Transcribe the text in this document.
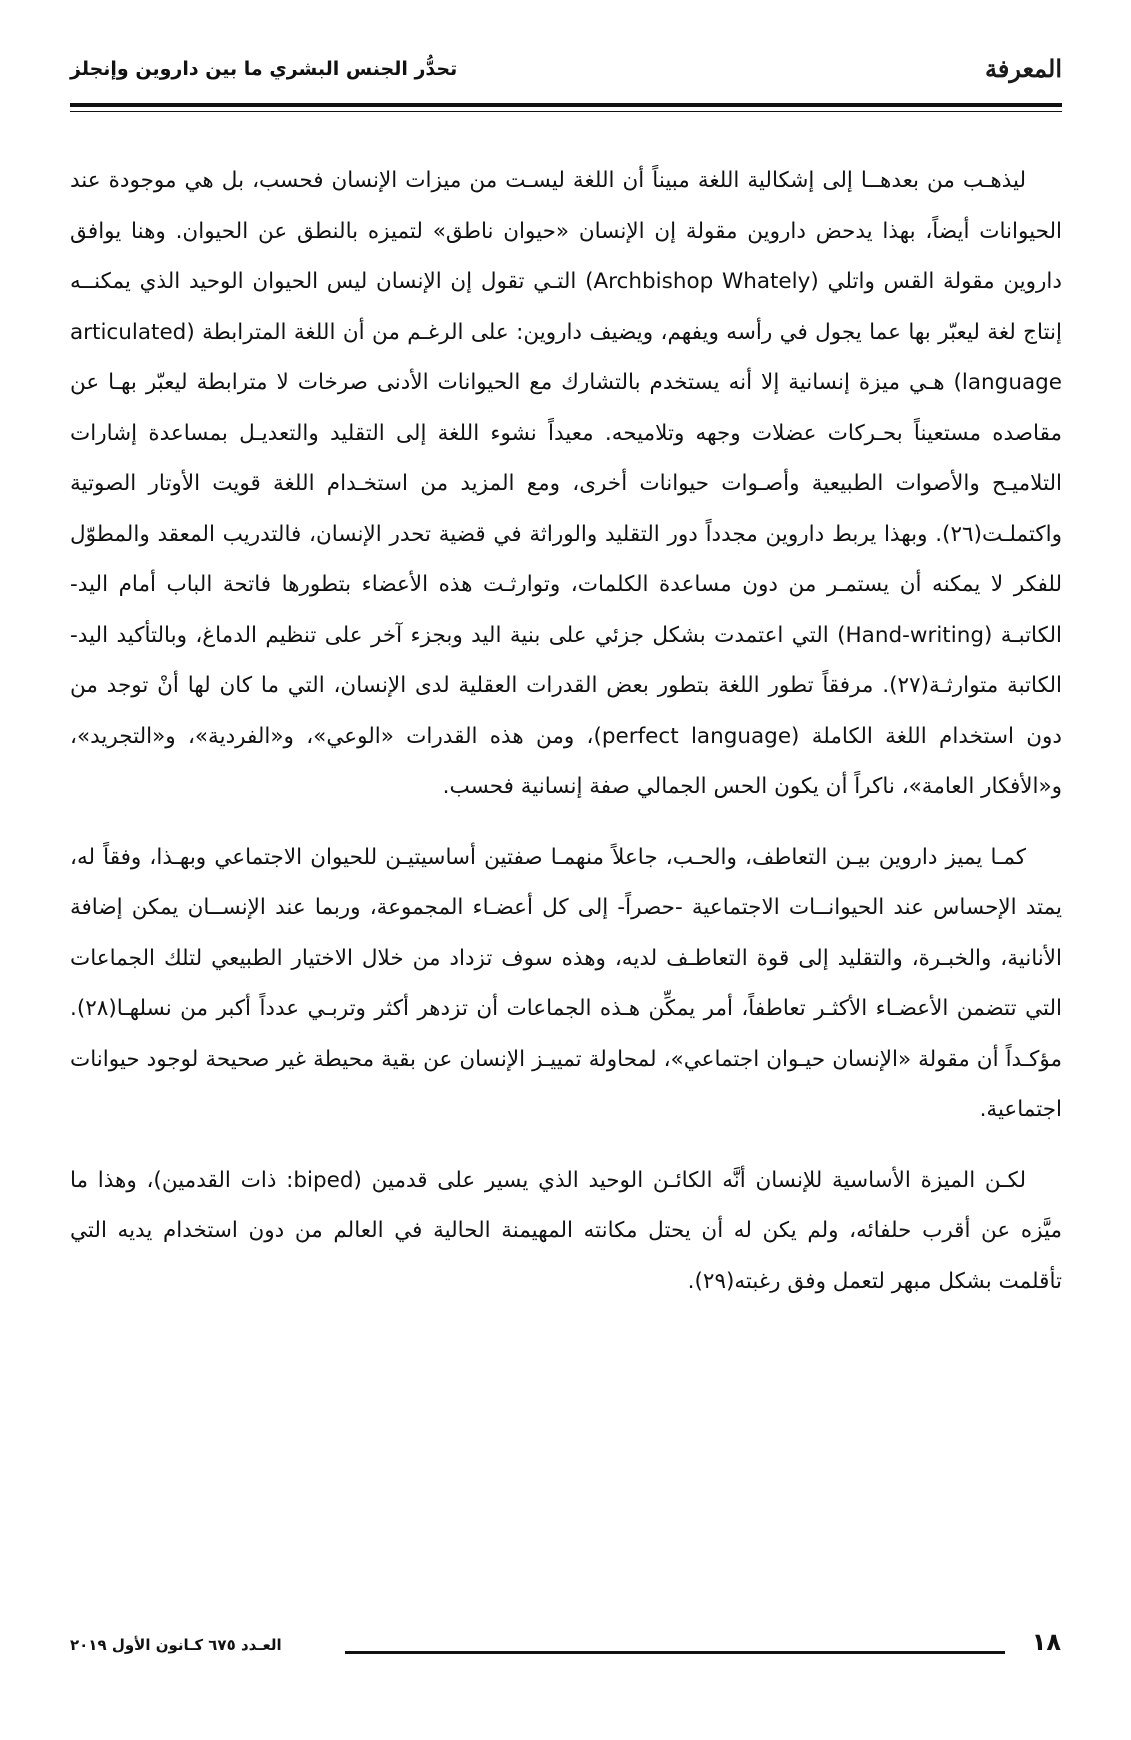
المعرفة
تحدُّر الجنس البشري ما بين داروين وإنجلز

ليذهـب من بعدهــا إلى إشكالية اللغة مبيناً أن اللغة ليسـت من ميزات الإنسان فحسب، بل هي موجودة عند الحيوانات أيضاً، بهذا يدحض داروين مقولة إن الإنسان «حيوان ناطق» لتميزه بالنطق عن الحيوان. وهنا يوافق داروين مقولة القس واتلي (Archbishop Whately) التـي تقول إن الإنسان ليس الحيوان الوحيد الذي يمكنــه إنتاج لغة ليعبّر بها عما يجول في رأسه ويفهم، ويضيف داروين: على الرغـم من أن اللغة المترابطة (articulated language) هـي ميزة إنسانية إلا أنه يستخدم بالتشارك مع الحيوانات الأدنى صرخات لا مترابطة ليعبّر بهـا عن مقاصده مستعيناً بحـركات عضلات وجهه وتلاميحه. معيداً نشوء اللغة إلى التقليد والتعديـل بمساعدة إشارات التلاميـح والأصوات الطبيعية وأصـوات حيوانات أخرى، ومع المزيد من استخـدام اللغة قويت الأوتار الصوتية واكتملـت(٢٦). وبهذا يربط داروين مجدداً دور التقليد والوراثة في قضية تحدر الإنسان، فالتدريب المعقد والمطوّل للفكر لا يمكنه أن يستمـر من دون مساعدة الكلمات، وتوارثـت هذه الأعضاء بتطورها فاتحة الباب أمام اليد-الكاتبـة (Hand-writing) التي اعتمدت بشكل جزئي على بنية اليد وبجزء آخر على تنظيم الدماغ، وبالتأكيد اليد-الكاتبة متوارثـة(٢٧). مرفقاً تطور اللغة بتطور بعض القدرات العقلية لدى الإنسان، التي ما كان لها أنْ توجد من دون استخدام اللغة الكاملة (perfect language)، ومن هذه القدرات «الوعي»، و«الفردية»، و«التجريد»، و«الأفكار العامة»، ناكراً أن يكون الحس الجمالي صفة إنسانية فحسب.

كمـا يميز داروين بيـن التعاطف، والحـب، جاعلاً منهمـا صفتين أساسيتيـن للحيوان الاجتماعي وبهـذا، وفقاً له، يمتد الإحساس عند الحيوانــات الاجتماعية -حصراً- إلى كل أعضـاء المجموعة، وربما عند الإنســان يمكن إضافة الأنانية، والخبـرة، والتقليد إلى قوة التعاطـف لديه، وهذه سوف تزداد من خلال الاختيار الطبيعي لتلك الجماعات التي تتضمن الأعضـاء الأكثـر تعاطفاً، أمر يمكِّن هـذه الجماعات أن تزدهر أكثر وتربـي عدداً أكبر من نسلهـا(٢٨). مؤكـداً أن مقولة «الإنسان حيـوان اجتماعي»، لمحاولة تمييـز الإنسان عن بقية محيطة غير صحيحة لوجود حيوانات اجتماعية.

لكـن الميزة الأساسية للإنسان أنَّه الكائـن الوحيد الذي يسير على قدمين (biped: ذات القدمين)، وهذا ما ميَّزه عن أقرب حلفائه، ولم يكن له أن يحتل مكانته المهيمنة الحالية في العالم من دون استخدام يديه التي تأقلمت بشكل مبهر لتعمل وفق رغبته(٢٩).

١٨
العـدد ٦٧٥ كـانون الأول ٢٠١٩
